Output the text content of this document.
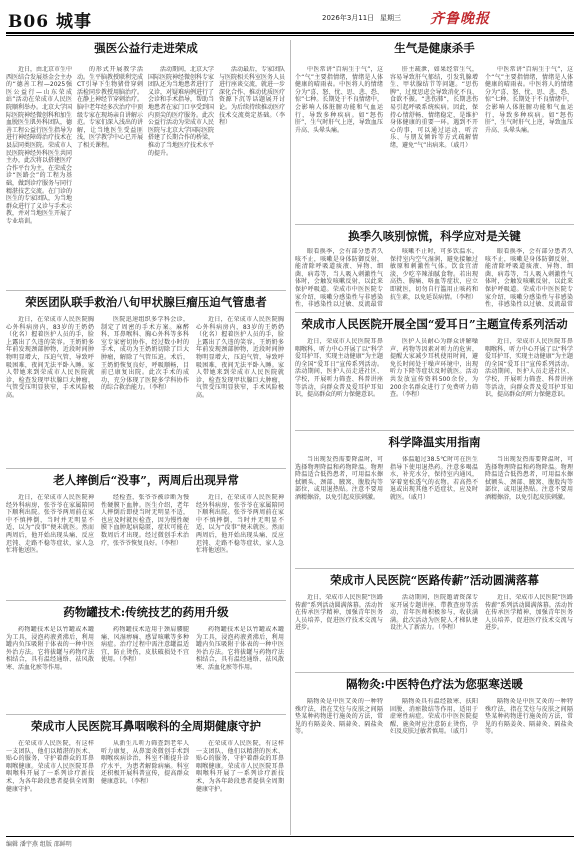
B06 城事	2026年3月11日 星期三 齐鲁晚报
强医公益行走进荣成
近日，由北京市生中西医结合发展基金会主办的“德善工程—2025强医公益行—山东荣成站”活动在荣成市人民医院顺利举办。北京大学国际医院神经微创科和加生血脱医生肌外科团队，德善工程公益行医生指导为进行神经障碍治疗技术在县层同类医院。荣成市人民医院神经外科医生共同主办，此次将以搭建医疗合作平台为主，在荣成会诊“医路会”的工程为基础，做到诊疗服务与同行精湛技艺交流。在门诊的医生的专家团队，为当地群众进行了义诊与手术示教，并对当地医生开展了专业培训。
的形式开展教学活动。生平脑教授联利完成CT引导下生物猪骨穿刺活检同步教授用脑治疗。在静上神经节穿刺治疗。脑中老年经多次治疗中顶级专家在现场亲自讲解示范。专家们深入浅出的讲解，让当地医生受益匪浅，医学教学中心已开展了相关课程。
活动期间，北京大学国际医院神经微创科专家团队还为当地患者进行了义诊，对疑难病例进行了会诊和手术指导，帮助当地患者在家门口享受到国内顶尖的医疗服务。此次公益行活动为荣成市人民医院与北京大学国际医院搭建了长期合作的桥梁，推动了当地医疗技术水平的提升。
活动最后，专家团队与医院相关科室医务人员进行座谈交流，就进一步深化合作、推动优质医疗资源下沉等话题展开讨论。为后续持续推动医疗技术交流奠定基础。（李程）
荣医团队联手救治八旬甲状腺巨瘤压迫气管患者
近日，在荣成市人民医院胸心外科病房内，83岁的王奶奶（化名）握着医护人员的手，脸上露出了久违的笑容。王奶奶多年前发现颈部肿物，近段时间肿物明显增大，压迫气管，导致呼吸困难，夜间无法平卧入睡。家人带她来到荣成市人民医院就诊，检查发现甲状腺巨大肿瘤，气管受压明显狭窄，手术风险极高。
医院迅速组织多学科会诊，制定了周密的手术方案。麻醉科、耳鼻喉科、胸心外科等多科室专家密切协作，经过数小时的手术，成功为王奶奶切除了巨大肿瘤，解除了气管压迫。术后，王奶奶恢复良好，呼吸顺畅，目前已康复出院。此次手术的成功，充分体现了医院多学科协作的综合救治能力。（李程）
近日，在荣成市人民医院胸心外科病房内，83岁的王奶奶（化名）握着医护人员的手，脸上露出了久违的笑容。王奶奶多年前发现颈部肿物，近段时间肿物明显增大，压迫气管，导致呼吸困难，夜间无法平卧入睡。家人带她来到荣成市人民医院就诊，检查发现甲状腺巨大肿瘤，气管受压明显狭窄，手术风险极高。
老人摔倒后“没事”，两周后出现异常
近日，在荣成市人民医院神经外科病房，张爷爷在家属陪同下顺利出院。张爷爷两周前在家中不慎摔倒，当时并无明显不适，以为“没事”便未就医。然而两周后，他开始出现头痛、反应迟钝、走路不稳等症状，家人急忙将他送医。
经检查，张爷爷被诊断为慢性硬膜下血肿。医生介绍，老年人摔倒后即使当时无明显不适，也应及时就医检查，因为慢性硬膜下血肿起病隐匿，症状可能在数周后才出现。经过微创手术治疗，张爷爷恢复良好。（李程）
近日，在荣成市人民医院神经外科病房，张爷爷在家属陪同下顺利出院。张爷爷两周前在家中不慎摔倒，当时并无明显不适，以为“没事”便未就医。然而两周后，他开始出现头痛、反应迟钝、走路不稳等症状，家人急忙将他送医。
药物罐技术:传统技艺的药用升级
药物罐技术是以竹罐或木罐为工具，浸泡药液煮沸后，利用罐内负压吸附于体表的一种中医外治方法。它将拔罐与药物疗法相结合，具有温经通络、祛风散寒、活血化瘀等作用。
药物罐技术适用于颈肩腰腿痛、风湿痹痛、感冒咳嗽等多种病症。治疗过程中需注意罐温适宜，防止烫伤，皮肤破损处不宜使用。（李程）
药物罐技术是以竹罐或木罐为工具，浸泡药液煮沸后，利用罐内负压吸附于体表的一种中医外治方法。它将拔罐与药物疗法相结合，具有温经通络、祛风散寒、活血化瘀等作用。
荣成市人民医院耳鼻咽喉科的全周期健康守护
在荣成市人民医院，有这样一支团队，他们以精湛的医术、贴心的服务，守护着群众的耳鼻咽喉健康。荣成市人民医院耳鼻咽喉科开展了一系列诊疗新技术，为各年龄段患者提供全周期健康守护。
从新生儿听力筛查到老年人听力康复，从鼻窦炎微创手术到咽喉疾病诊治，科室不断提升诊疗水平，为患者解除病痛。科室还积极开展科普宣传，提高群众健康意识。（李程）
在荣成市人民医院，有这样一支团队，他们以精湛的医术、贴心的服务，守护着群众的耳鼻咽喉健康。荣成市人民医院耳鼻咽喉科开展了一系列诊疗新技术，为各年龄段患者提供全周期健康守护。
生气是健康杀手
中医常讲“百病生于气”，这个“气”主要指情绪，情绪是人体健康的晴雨表。中医将人的情绪分为“喜、怒、忧、思、悲、恐、惊”七种。长期处于不良情绪中，会影响人体脏腑功能和气血运行，导致多种疾病。如“怒伤肝”，生气时肝气上逆，导致血压升高、头晕头痛。
肝主疏泄，如果经常生气，容易导致肝气郁结，引发乳腺增生、甲状腺结节等问题。“思伤脾”，过度思虑会导致消化不良、食欲不振。“悲伤肺”，长期悲伤易引起呼吸系统疾病。因此，保持心情舒畅、情绪稳定，是维护身体健康的重要一环。遇到不开心的事，可以通过运动、听音乐、与朋友倾诉等方式疏解情绪，避免“气”出病来。（戚月）
中医常讲“百病生于气”，这个“气”主要指情绪，情绪是人体健康的晴雨表。中医将人的情绪分为“喜、怒、忧、思、悲、恐、惊”七种。长期处于不良情绪中，会影响人体脏腑功能和气血运行，导致多种疾病。如“怒伤肝”，生气时肝气上逆，导致血压升高、头晕头痛。
换季久咳别惊慌，科学应对是关键
眼看换季，会有部分患者久咳不止，咳嗽是身体防御反射，能清除呼吸道痰液、异物、细菌、病毒等，当人吸入刺激性气体时，会触发咳嗽反射，以此来保护呼吸道。荣成市中医医院专家介绍，咳嗽分感染性与非感染性，非感染性以过敏、反流最常
咳嗽不止时，可多饮温水，保持室内空气湿润，避免接触过敏原和刺激性气体。饮食宜清淡，少吃辛辣油腻食物。若出现高热、胸痛、咯血等症状，应立即就医，切勿自行滥用止咳药和抗生素，以免延误病情。（李程）
眼看换季，会有部分患者久咳不止，咳嗽是身体防御反射，能清除呼吸道痰液、异物、细菌、病毒等，当人吸入刺激性气体时，会触发咳嗽反射，以此来保护呼吸道。荣成市中医医院专家介绍，咳嗽分感染性与非感染性，非感染性以过敏、反流最常
荣成市人民医院开展全国“爱耳日”主题宣传系列活动
近日，荣成市人民医院耳鼻咽喉科、听力中心开展了以“科学爱耳护耳，实现主动健康”为主题的全国“爱耳日”宣传系列活动。活动期间，医护人员走进社区、学校，开展听力筛查、科普讲座等活动，向群众普及爱耳护耳知识，提高群众的听力保健意识。
医护人员耐心为群众讲解噪声、药物等因素对听力的危害，提醒大家减少耳机使用时间，避免长时间处于噪声环境中，出现听力下降等症状及时就医。活动共发放宣传资料500余份，为200余名群众进行了免费听力筛查。（李程）
近日，荣成市人民医院耳鼻咽喉科、听力中心开展了以“科学爱耳护耳，实现主动健康”为主题的全国“爱耳日”宣传系列活动。活动期间，医护人员走进社区、学校，开展听力筛查、科普讲座等活动，向群众普及爱耳护耳知识，提高群众的听力保健意识。
科学降温实用指南
当出现发热需要降温时，可选择物理降温和药物降温。物理降温适合低热患者，可用温水擦拭额头、颈部、腋窝、腹股沟等部位，或用退热贴。注意不要用酒精擦浴，以免引起皮肤刺激。
体温超过38.5℃时可在医生指导下使用退热药。注意多喝温水，补充水分，保持室内通风，穿着宽松透气的衣物。若高热不退或出现其他不适症状，应及时就医。（戚月）
当出现发热需要降温时，可选择物理降温和药物降温。物理降温适合低热患者，可用温水擦拭额头、颈部、腋窝、腹股沟等部位，或用退热贴。注意不要用酒精擦浴，以免引起皮肤刺激。
荣成市人民医院“医路传薪”活动圆满落幕
近日，荣成市人民医院“医路传薪”系列活动圆满落幕。活动旨在传承医学精神，加强青年医务人员培养，促进医疗技术交流与进步。
活动期间，医院邀请资深专家开展专题讲座、带教查房等活动，青年医师积极参与，收获满满。此次活动为医院人才梯队建设注入了新活力。（李程）
近日，荣成市人民医院“医路传薪”系列活动圆满落幕。活动旨在传承医学精神，加强青年医务人员培养，促进医疗技术交流与进步。
隔物灸:中医特色疗法为您驱寒送暖
隔物灸是中医艾灸的一种特殊疗法，指在艾炷与皮肤之间隔垫某种药物进行施灸的方法，常见的有隔姜灸、隔蒜灸、隔盐灸等。
隔物灸具有温经散寒、扶阳固脱、消瘀散结等作用，适用于虚寒性病症。荣成市中医医院提醒，施灸时应注意防止烫伤，孕妇及皮肤过敏者慎用。（戚月）
隔物灸是中医艾灸的一种特殊疗法，指在艾炷与皮肤之间隔垫某种药物进行施灸的方法，常见的有隔姜灸、隔蒜灸、隔盐灸等。
编辑 潘宇燕 组版 邵鲜明
